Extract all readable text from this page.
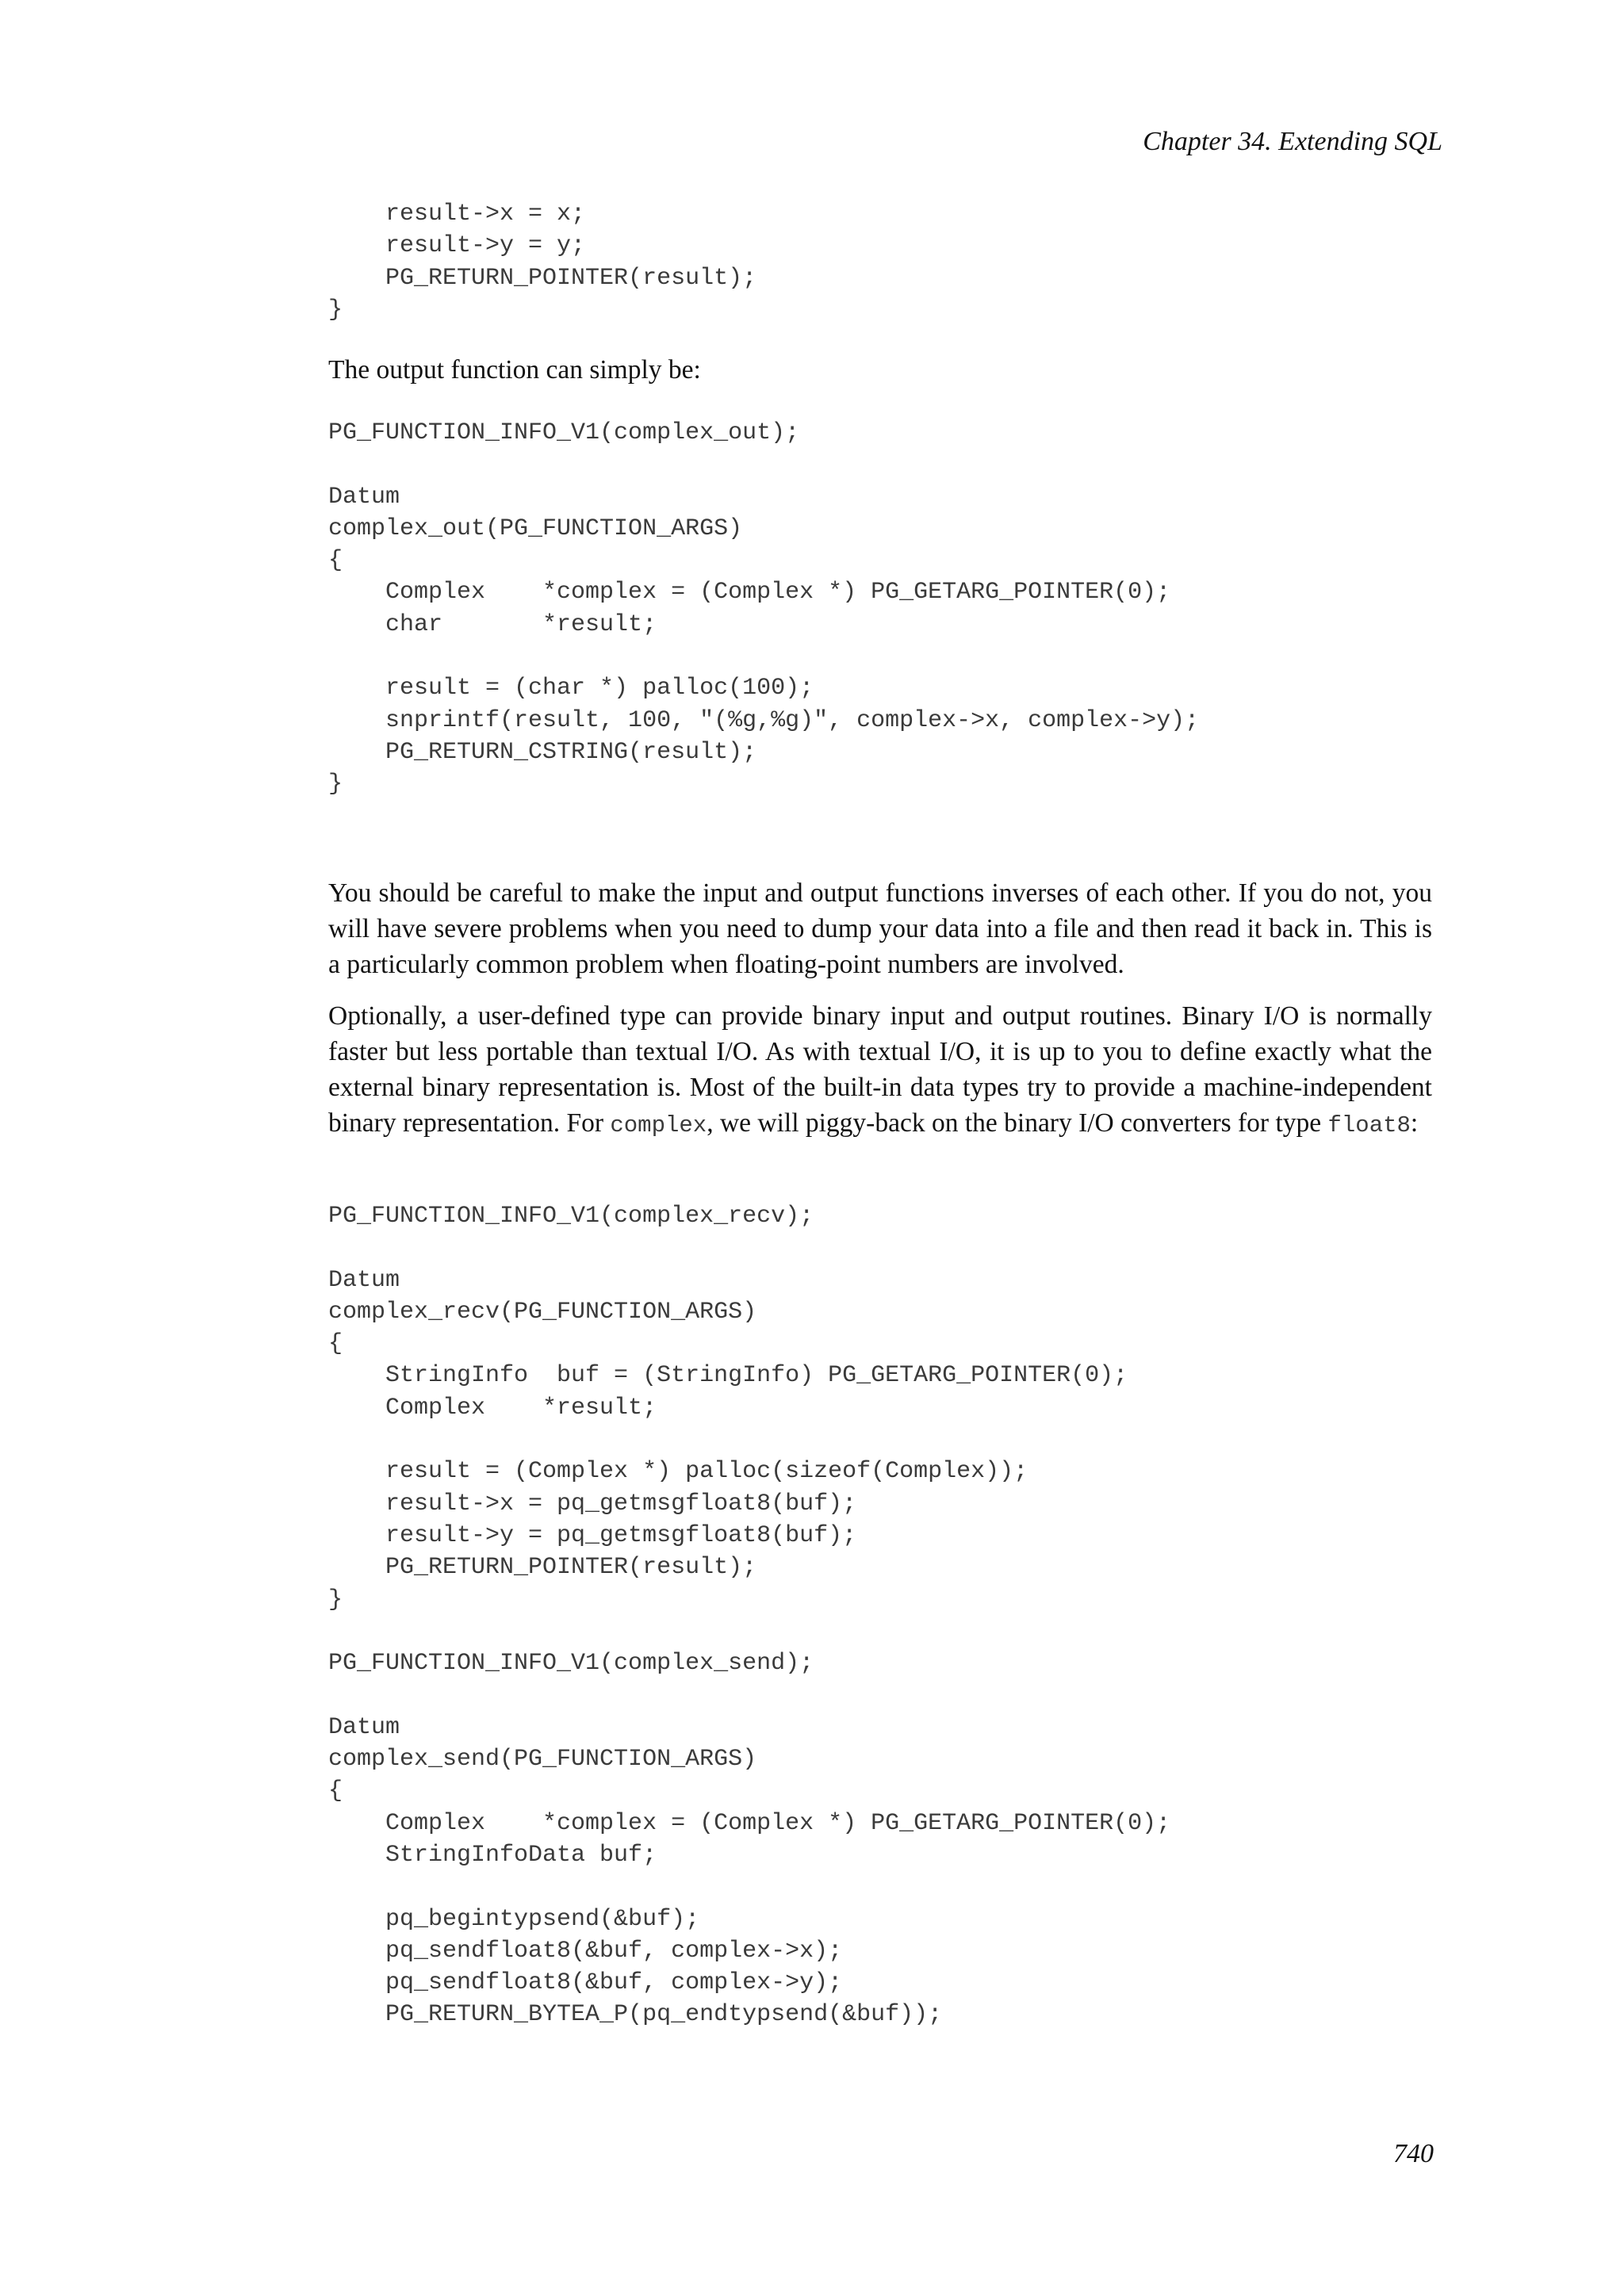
Chapter 34. Extending SQL
result->x = x;
result->y = y;
PG_RETURN_POINTER(result);
}

The output function can simply be:

PG_FUNCTION_INFO_V1(complex_out);
Datum
complex_out(PG_FUNCTION_ARGS)
{
Complex    *complex = (Complex *) PG_GETARG_POINTER(0);
char       *result;
result = (char *) palloc(100);
snprintf(result, 100, "(%g,%g)", complex->x, complex->y);
PG_RETURN_CSTRING(result);
}

You should be careful to make the input and output functions inverses of each other. If you do not, you will have severe problems when you need to dump your data into a file and then read it back in. This is a particularly common problem when floating-point numbers are involved.

Optionally, a user-defined type can provide binary input and output routines. Binary I/O is normally faster but less portable than textual I/O. As with textual I/O, it is up to you to define exactly what the external binary representation is. Most of the built-in data types try to provide a machine-independent binary representation. For complex, we will piggy-back on the binary I/O converters for type float8:

PG_FUNCTION_INFO_V1(complex_recv);
Datum
complex_recv(PG_FUNCTION_ARGS)
{
StringInfo  buf = (StringInfo) PG_GETARG_POINTER(0);
Complex    *result;
result = (Complex *) palloc(sizeof(Complex));
result->x = pq_getmsgfloat8(buf);
result->y = pq_getmsgfloat8(buf);
PG_RETURN_POINTER(result);
}
PG_FUNCTION_INFO_V1(complex_send);
Datum
complex_send(PG_FUNCTION_ARGS)
{
Complex    *complex = (Complex *) PG_GETARG_POINTER(0);
StringInfoData buf;
pq_begintypsend(&buf);
pq_sendfloat8(&buf, complex->x);
pq_sendfloat8(&buf, complex->y);
PG_RETURN_BYTEA_P(pq_endtypsend(&buf));
740
